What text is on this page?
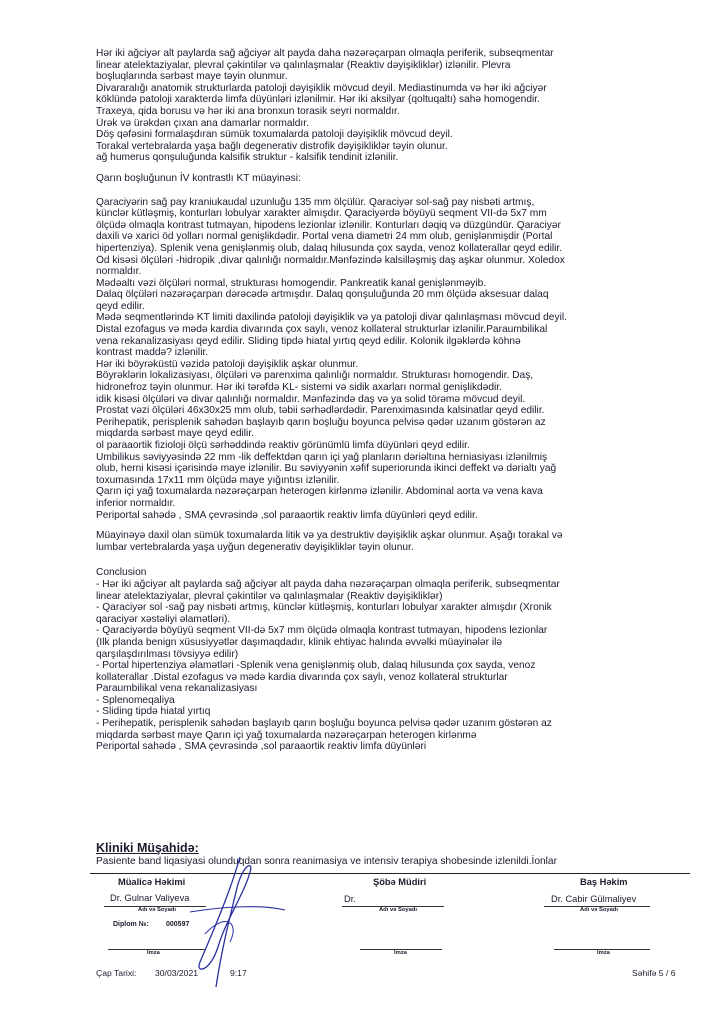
Hər iki ağciyər alt paylarda sağ ağciyər alt payda daha nəzərəçarpan olmaqla periferik, subseqmentar
linear atelektaziyalar, plevral çəkintilər və qalınlaşmalar (Reaktiv dəyişikliklər) izlənilir. Plevra
boşluqlarında sərbəst maye təyin olunmur.
Divararalığı anatomik strukturlarda patoloji dəyişiklik mövcud deyil. Mediastinumda və hər iki ağciyər
köklündə patoloji xarakterdə limfa düyünləri izlənilmir. Hər iki aksilyar (qoltuqaltı) sahə homogendir.
Traxeya, qida borusu və hər iki ana bronxun torasik seyri normaldır.
Ürək və ürəkdən çıxan ana damarlar normaldır.
Döş qəfəsini formalaşdıran sümük toxumalarda patoloji dəyişiklik mövcud deyil.
Torakal vertebralarda yaşa bağlı degenerativ distrofik dəyişikliklər təyin olunur.
ağ humerus qonşuluğunda kalsifik struktur - kalsifik tendinit izlənilir.
Qarın boşluğunun İV kontrastlı KT müayinəsi:
Qaraciyərin sağ pay kraniukaudal uzunluğu 135 mm ölçülür. Qaraciyər sol-sağ pay nisbəti artmış,
künclər kütləşmiş, konturları lobulyar xarakter almışdır. Qaraciyərdə böyüyü seqment VII-də 5x7 mm
ölçüdə olmaqla kontrast tutmayan, hipodens lezionlar izlənilir. Konturları dəqiq və düzgündür. Qaraciyər
daxili və xarici öd yolları normal genişlikdədir. Portal vena diametri 24 mm olub, genişlənmişdir (Portal
hipertenziya). Splenik vena genişlənmiş olub, dalaq hilusunda çox sayda, venoz kollaterallar qeyd edilir.
Öd kisəsi ölçüləri -hidropik ,divar qalınlığı normaldır.Mənfəzində kalsilləşmiş daş aşkar olunmur. Xoledox
normaldır.
Mədəaltı vəzi ölçüləri normal, strukturası homogendir. Pankreatik kanal genişlənməyib.
Dalaq ölçüləri nəzərəçarpan dərəcədə artmışdır. Dalaq qonşuluğunda 20 mm ölçüdə aksesuar dalaq
qeyd edilir.
Mədə seqmentlərində KT limiti daxilində patoloji dəyişiklik və ya patoloji divar qalınlaşması mövcud deyil.
Distal ezofagus və mədə kardia divarında çox saylı, venoz kollateral strukturlar izlənilir.Paraumbilikal
vena rekanalizasiyası qeyd edilir. Sliding tipdə hiatal yırtıq qeyd edilir. Kolonik ilgəklərdə köhnə
kontrast maddə? izlənilir.
Hər iki böyrəküstü vəzidə patoloji dəyişiklik aşkar olunmur.
Böyrəklərin lokalizasiyası, ölçüləri və parenxima qalınlığı normaldır. Strukturası homogendir. Daş,
hidronefroz təyin olunmur. Hər iki tərəfdə KL- sistemi və sidik axarları normal genişlikdədir.
idik kisəsi ölçüləri və divar qalınlığı normaldır. Mənfəzində daş və ya solid törəmə mövcud deyil.
Prostat vəzi ölçüləri 46x30x25 mm olub, təbii sərhədlərdədir. Parenximasında kalsinatlar qeyd edilir.
Perihepatik, perisplenik sahədən başlayıb qarın boşluğu boyunca pelvisə qədər uzanım göstərən az
miqdarda sərbəst maye qeyd edilir.
ol paraaortik fizioloji ölçü sərhəddində reaktiv görünümlü limfa düyünləri qeyd edilir.
Umbilikus səviyyəsində 22 mm -lik deffektdən qarın içi yağ planların dəriəltına herniasiyası izlənilmiş
olub, herni kisəsi içərisində maye izlənilir. Bu səviyyənin xəfif superiorunda ikinci deffekt və dərialtı yağ
toxumasında 17x11 mm ölçüdə maye yığıntısı izlənilir.
Qarın içi yağ toxumalarda nəzərəçarpan heterogen kirlənmə izlənilir. Abdominal aorta və vena kava
inferior normaldır.
Periportal sahədə , SMA çevrəsində ,sol paraaortik reaktiv limfa düyünləri qeyd edilir.
Müayinəyə daxil olan sümük toxumalarda litik və ya destruktiv dəyişiklik aşkar olunmur. Aşağı torakal və
lumbar vertebralarda yaşa uyğun degenerativ dəyişikliklər təyin olunur.
Conclusion
- Hər iki ağciyər alt paylarda sağ ağciyər alt payda daha nəzərəçarpan olmaqla periferik, subseqmentar
linear atelektaziyalar, plevral çəkintilər və qalınlaşmalar (Reaktiv dəyişikliklər)
- Qaraciyər sol -sağ pay nisbəti artmış, künclər kütləşmiş, konturları lobulyar xarakter almışdır (Xronik
qaraciyər xəstəliyi əlamətləri).
- Qaraciyərdə böyüyü seqment VII-də 5x7 mm ölçüdə olmaqla kontrast tutmayan, hipodens lezionlar
(İlk planda benign xüsusiyyətlər daşımaqdadır, klinik ehtiyac halında əvvəlki müayinələr ilə
qarşılaşdırılması tövsiyyə edilir)
- Portal hipertenziya əlamətləri -Splenik vena genişlənmiş olub, dalaq hilusunda çox sayda, venoz
kollaterallar .Distal ezofagus və mədə kardia divarında çox saylı, venoz kollateral strukturlar
Paraumbilikal vena rekanalizasiyası
- Splenomeqaliya
- Sliding tipdə hiatal yırtıq
- Perihepatik, perisplenik sahədən başlayıb qarın boşluğu boyunca pelvisə qədər uzanım göstərən az
miqdarda sərbəst maye Qarın içi yağ toxumalarda nəzərəçarpan heterogen kirlənmə
Periportal sahədə , SMA çevrəsində ,sol paraaortik reaktiv limfa düyünləri
Kliniki Müşahidə:
Pasiente band liqasiyasi olunduqdan sonra reanimasiya ve intensiv terapiya shobesinde izlenildi.İonlar
Müalicə Həkimi
Dr. Gulnar Valiyeva
Adı və Soyadı
Diplom №: 000597
İmza
Şöbə Müdiri
Dr.
Adı və Soyadı
İmza
Baş Həkim
Dr. Cabir Gülmaliyev
Adı və Soyadı
İmza
Çap Tarixi: 30/03/2021	9:17	Səhifə 5 / 6
